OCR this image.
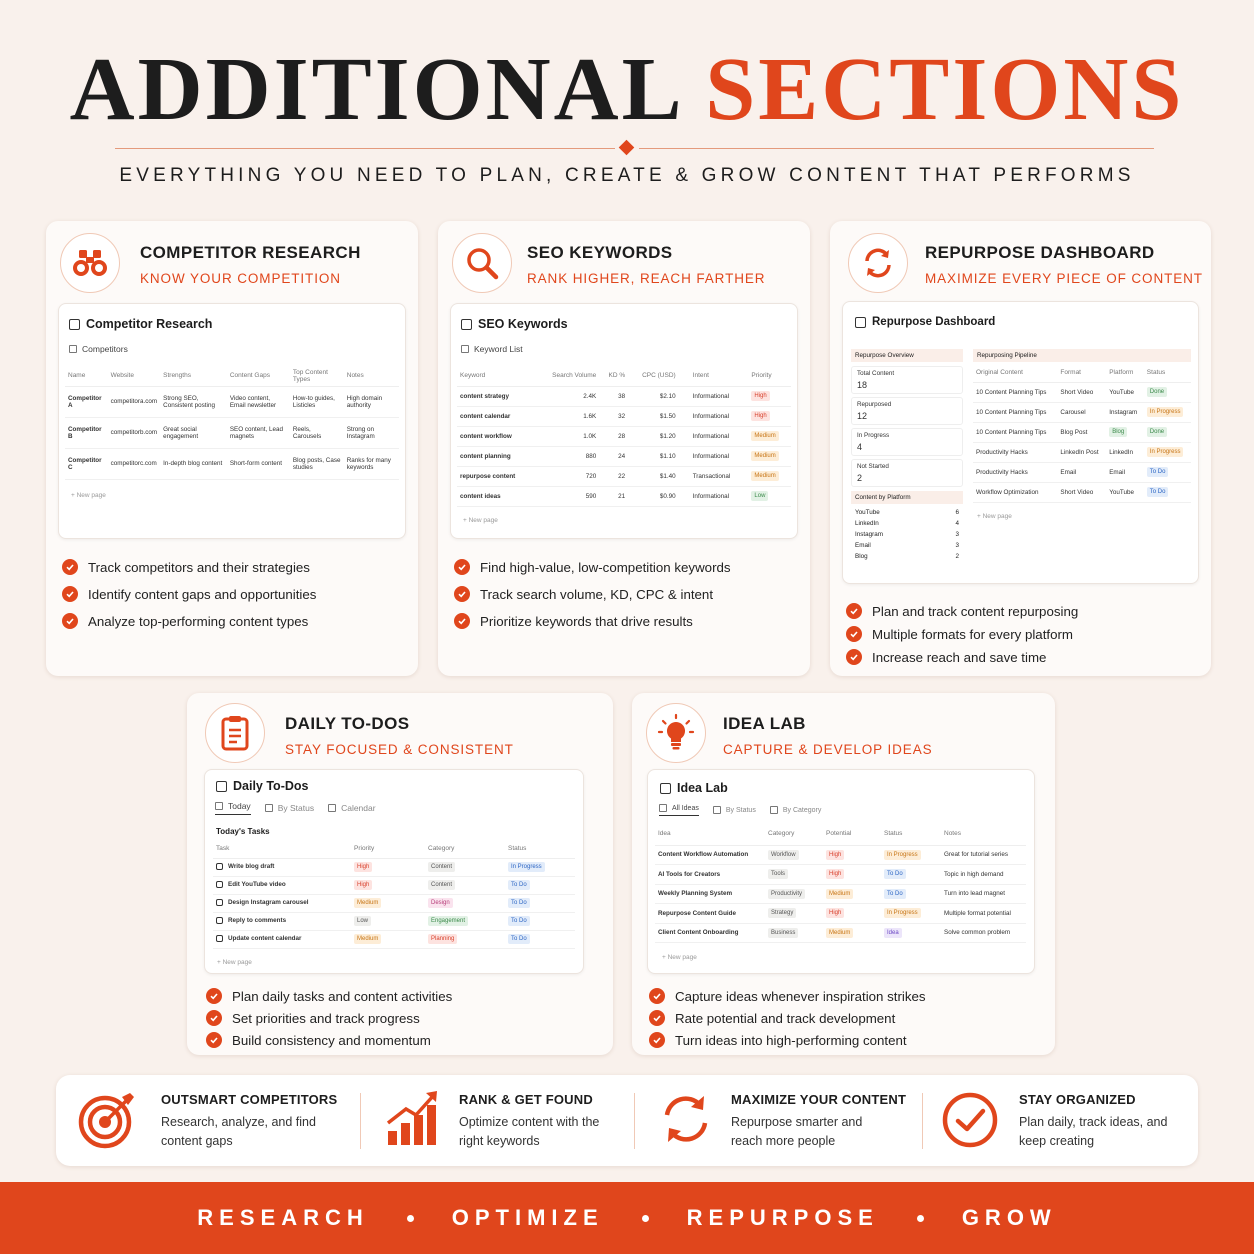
ADDITIONAL SECTIONS
EVERYTHING YOU NEED TO PLAN, CREATE & GROW CONTENT THAT PERFORMS
COMPETITOR RESEARCH
KNOW YOUR COMPETITION
Competitor Research
Competitors
Name	Website	Strengths	Content Gaps	Top Content Types	Notes
Competitor A	competitora.com	Strong SEO, Consistent posting	Video content, Email newsletter	How-to guides, Listicles	High domain authority
Competitor B	competitorb.com	Great social engagement	SEO content, Lead magnets	Reels, Carousels	Strong on Instagram
Competitor C	competitorc.com	In-depth blog content	Short-form content	Blog posts, Case studies	Ranks for many keywords
+ New page
Track competitors and their strategies
Identify content gaps and opportunities
Analyze top-performing content types
SEO KEYWORDS
RANK HIGHER, REACH FARTHER
SEO Keywords
Keyword List
Keyword	Search Volume	KD %	CPC (USD)	Intent	Priority
content strategy	2.4K	38	$2.10	Informational	High
content calendar	1.6K	32	$1.50	Informational	High
content workflow	1.0K	28	$1.20	Informational	Medium
content planning	880	24	$1.10	Informational	Medium
repurpose content	720	22	$1.40	Transactional	Medium
content ideas	590	21	$0.90	Informational	Low
+ New page
Find high-value, low-competition keywords
Track search volume, KD, CPC & intent
Prioritize keywords that drive results
REPURPOSE DASHBOARD
MAXIMIZE EVERY PIECE OF CONTENT
Repurpose Dashboard
Repurpose Overview
Total Content
18
Repurposed
12
In Progress
4
Not Started
2
Content by Platform
YouTube	6
LinkedIn	4
Instagram	3
Email	3
Blog	2
Repurposing Pipeline
Original Content	Format	Platform	Status
10 Content Planning Tips	Short Video	YouTube	Done
10 Content Planning Tips	Carousel	Instagram	In Progress
10 Content Planning Tips	Blog Post	Blog	Done
Productivity Hacks	LinkedIn Post	LinkedIn	In Progress
Productivity Hacks	Email	Email	To Do
Workflow Optimization	Short Video	YouTube	To Do
+ New page
Plan and track content repurposing
Multiple formats for every platform
Increase reach and save time
DAILY TO-DOS
STAY FOCUSED & CONSISTENT
Daily To-Dos
Today	By Status	Calendar
Today's Tasks
Task	Priority	Category	Status
Write blog draft	High	Content	In Progress
Edit YouTube video	High	Content	To Do
Design Instagram carousel	Medium	Design	To Do
Reply to comments	Low	Engagement	To Do
Update content calendar	Medium	Planning	To Do
+ New page
Plan daily tasks and content activities
Set priorities and track progress
Build consistency and momentum
IDEA LAB
CAPTURE & DEVELOP IDEAS
Idea Lab
All Ideas	By Status	By Category
Idea	Category	Potential	Status	Notes
Content Workflow Automation	Workflow	High	In Progress	Great for tutorial series
AI Tools for Creators	Tools	High	To Do	Topic in high demand
Weekly Planning System	Productivity	Medium	To Do	Turn into lead magnet
Repurpose Content Guide	Strategy	High	In Progress	Multiple format potential
Client Content Onboarding	Business	Medium	Idea	Solve common problem
+ New page
Capture ideas whenever inspiration strikes
Rate potential and track development
Turn ideas into high-performing content
OUTSMART COMPETITORS
Research, analyze, and find
content gaps
RANK & GET FOUND
Optimize content with the
right keywords
MAXIMIZE YOUR CONTENT
Repurpose smarter and
reach more people
STAY ORGANIZED
Plan daily, track ideas, and
keep creating
RESEARCH	OPTIMIZE	REPURPOSE	GROW
